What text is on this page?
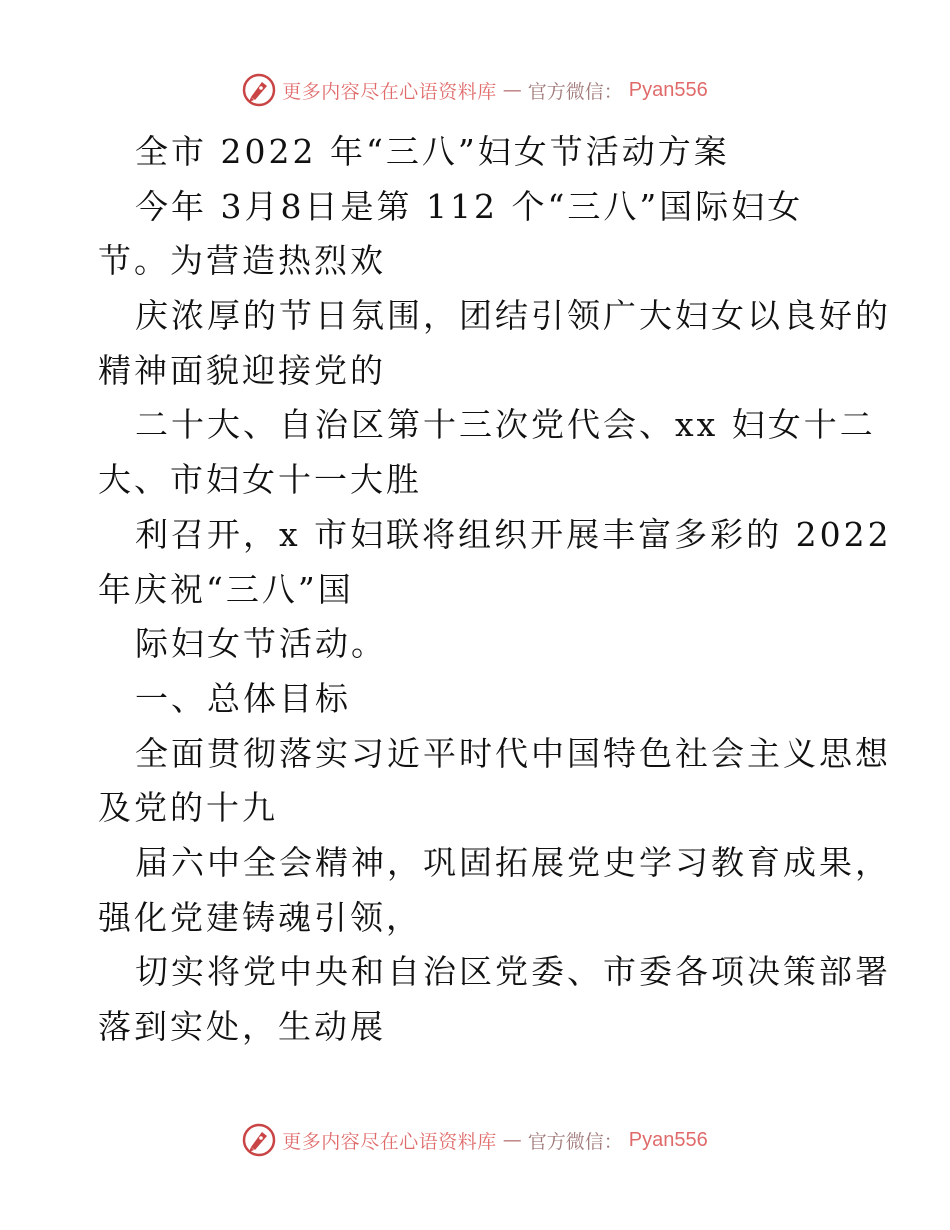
更多内容尽在心语资料库 — 官方微信： Pyan556
全市 2022 年“三八”妇女节活动方案
今年 3月8日是第 112 个“三八”国际妇女
节。为营造热烈欢
庆浓厚的节日氛围，团结引领广大妇女以良好的
精神面貌迎接党的
二十大、自治区第十三次党代会、xx 妇女十二
大、市妇女十一大胜
利召开，x 市妇联将组织开展丰富多彩的 2022
年庆祝“三八”国
际妇女节活动。
一、总体目标
全面贯彻落实习近平时代中国特色社会主义思想
及党的十九
届六中全会精神，巩固拓展党史学习教育成果，
强化党建铸魂引领，
切实将党中央和自治区党委、市委各项决策部署
落到实处，生动展
更多内容尽在心语资料库 — 官方微信： Pyan556
